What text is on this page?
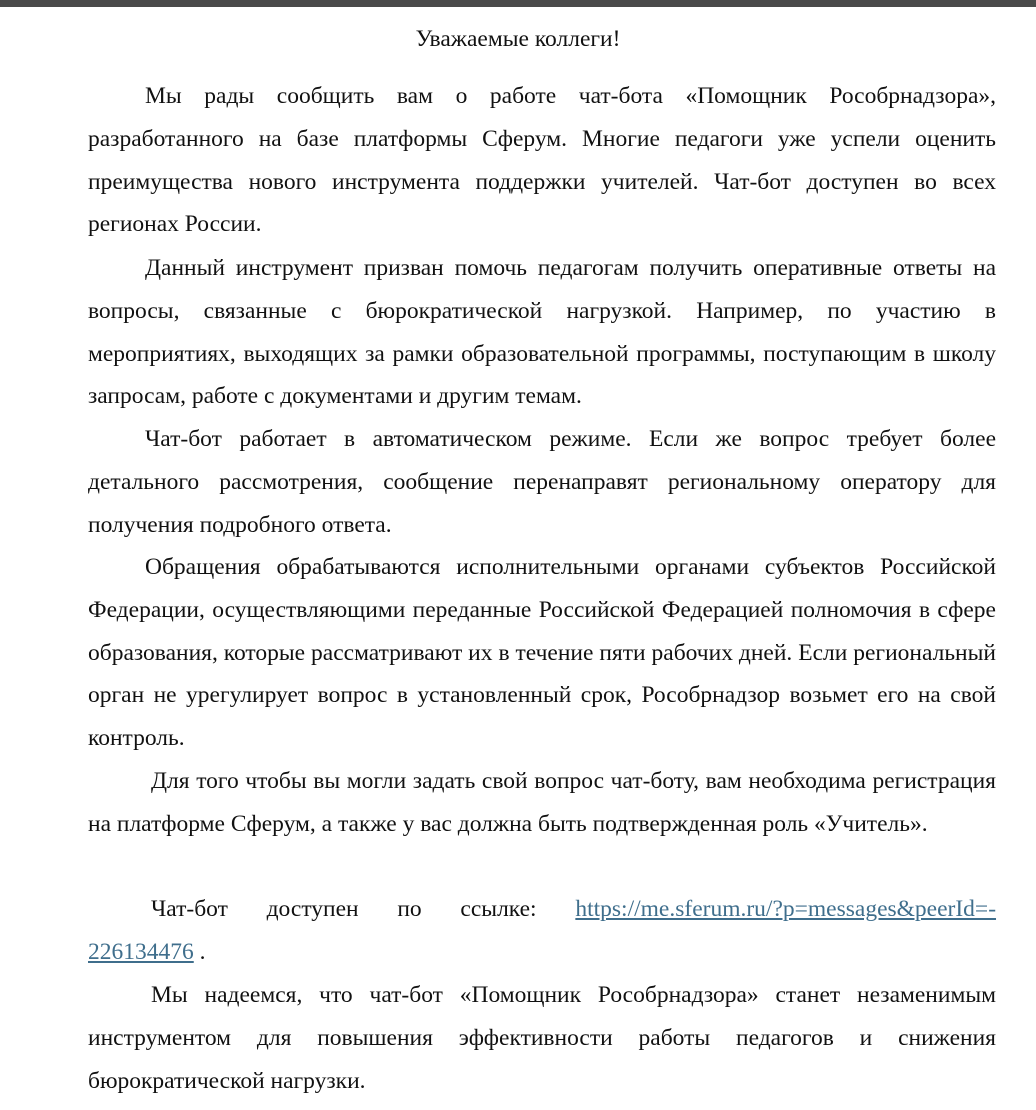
Уважаемые коллеги!

Мы рады сообщить вам о работе чат-бота «Помощник Рособрнадзора», разработанного на базе платформы Сферум. Многие педагоги уже успели оценить преимущества нового инструмента поддержки учителей. Чат-бот доступен во всех регионах России.

Данный инструмент призван помочь педагогам получить оперативные ответы на вопросы, связанные с бюрократической нагрузкой. Например, по участию в мероприятиях, выходящих за рамки образовательной программы, поступающим в школу запросам, работе с документами и другим темам.

Чат-бот работает в автоматическом режиме. Если же вопрос требует более детального рассмотрения, сообщение перенаправят региональному оператору для получения подробного ответа.

Обращения обрабатываются исполнительными органами субъектов Российской Федерации, осуществляющими переданные Российской Федерацией полномочия в сфере образования, которые рассматривают их в течение пяти рабочих дней. Если региональный орган не урегулирует вопрос в установленный срок, Рособрнадзор возьмет его на свой контроль.

Для того чтобы вы могли задать свой вопрос чат-боту, вам необходима регистрация на платформе Сферум, а также у вас должна быть подтвержденная роль «Учитель».

Чат-бот доступен по ссылке: https://me.sferum.ru/?p=messages&peerId=-
226134476 .

Мы надеемся, что чат-бот «Помощник Рособрнадзора» станет незаменимым инструментом для повышения эффективности работы педагогов и снижения бюрократической нагрузки.
